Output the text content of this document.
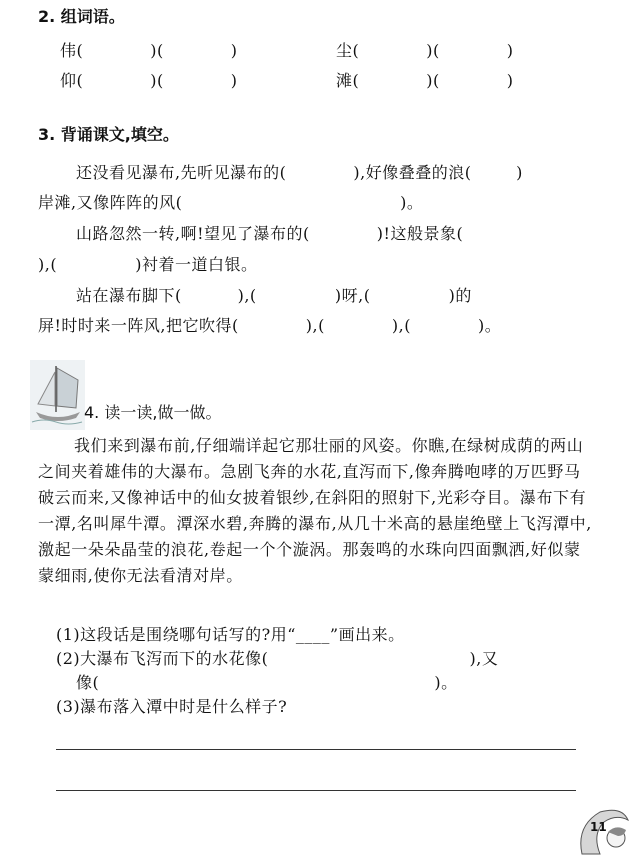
2. 组词语。
伟(            )(            )	尘(            )(            )
仰(            )(            )	滩(            )(            )
3. 背诵课文,填空。
还没看见瀑布,先听见瀑布的(            ),好像叠叠的浪(        )
岸滩,又像阵阵的风(                                       )。
山路忽然一转,啊!望见了瀑布的(            )!这般景象(
),(              )衬着一道白银。
站在瀑布脚下(          ),(              )呀,(              )的
屏!时时来一阵风,把它吹得(            ),(            ),(            )。
4. 读一读,做一做。
我们来到瀑布前,仔细端详起它那壮丽的风姿。你瞧,在绿树成荫的两山之间夹着雄伟的大瀑布。急剧飞奔的水花,直泻而下,像奔腾咆哮的万匹野马破云而来,又像神话中的仙女披着银纱,在斜阳的照射下,光彩夺目。瀑布下有一潭,名叫犀牛潭。潭深水碧,奔腾的瀑布,从几十米高的悬崖绝壁上飞泻潭中,激起一朵朵晶莹的浪花,卷起一个个漩涡。那轰鸣的水珠向四面飘洒,好似蒙蒙细雨,使你无法看清对岸。
(1)这段话是围绕哪句话写的?用“____”画出来。
(2)大瀑布飞泻而下的水花像(                                    ),又
像(                                                            )。
(3)瀑布落入潭中时是什么样子?
11
